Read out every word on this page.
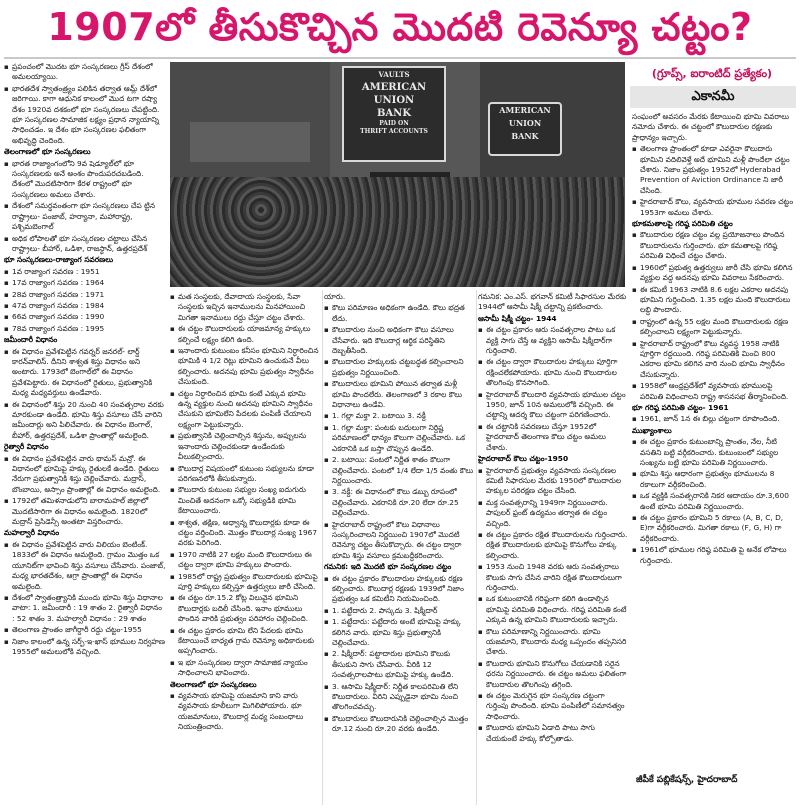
1907లో తీసుకొచ్చిన మొదటి రెవెన్యూ చట్టం?
VAULTS
AMERICAN
UNION
BANK
PAID ON
THRIFT ACCOUNTS
AMERICAN
UNION
BANK
(గ్రూప్స్, ఐరాంటిద్ ప్రత్యేకం)
ఎకానమీ

▪ ప్రపంచంలో మొదట భూ సంస్కరణలు గ్రీస్ దేశంలో అమలయ్యాయి.

▪ భారతదేశ స్వాతంత్ర్యం పలికిన తర్వాత ఆమ్ల్ దేశ్‌లో జరిగాయి. కాగా ఆధునిక కాలంలో మొద టగా రష్యా దేశం 1920వ దశకంలో భూ సంస్కరణలు చేపట్టింది. భూ సంస్కరణల సామాజిక లక్ష్యం ప్రధాన న్యాయాన్ని సాధించడం. ఇ దేశం భూ సంస్కరణల ఫలితంగా అభివృద్ధి చెందింది.

తెలంగాణలో భూ సంస్కరణలు

▪ భారత రాజ్యాంగంలోని 9వ షెడ్యూల్‌లో భూ సంస్కరణలకు అనే అంశం పొందుపరచబడింది. దేశంలో మొదటిసారిగా కేరళ రాష్ట్రంలో భూ సంస్కరణలు అమలు చేశారు.

▪ దేశంలో సమర్థవంతంగా భూ సంస్కరణలు చేప ట్టిన రాష్ట్రాలు- పంజాబ్, హర్యానా, మహారాష్ట్ర, పశ్చిమబెంగాల్

▪ అధిక లోపాలతో భూ సంస్కరణల చట్టాలు చేసిన రాష్ట్రాలు- బీహార్, ఒడిశా, రాజస్థాన్, ఉత్తరప్రదేశ్

భూ సంస్కరణలు-రాజ్యాంగ సవరణలు

▪ 1వ రాజ్యాంగ సవరణ : 1951

▪ 17వ రాజ్యాంగ సవరణ : 1964

▪ 28వ రాజ్యాంగ సవరణ : 1971

▪ 47వ రాజ్యాంగ సవరణ : 1984

▪ 66వ రాజ్యాంగ సవరణ : 1990

▪ 78వ రాజ్యాంగ సవరణ : 1995

జమీందారీ విధానం

▪ ఈ విధానం ప్రవేశపెట్టిన గవర్నర్ జనరల్- లార్డ్ కారన్‌వాలిస్. దీనిని శాశ్వత శిస్తు విధానం అని అంటారు. 1793లో బెంగాల్‌లో ఈ విధానం ప్రవేశపెట్టారు. ఈ విధానంలో రైతులు, ప్రభుత్వానికి మధ్య మధ్యవర్తులు ఉండేవారు.

▪ ఈ విధానంలో శిస్తు 20 నుంచి 40 సంవత్సరాల వరకు మారకుండా ఉండేది. భూమి శిస్తు వసూలు చేసే వారిని జమీందార్లు అని పిలిచేవారు. ఈ విధానం బెంగాల్, బీహార్, ఉత్తరప్రదేశ్, ఒడిశా ప్రాంతాల్లో అమలైంది.

రైత్వారీ విధానం

▪ ఈ విధానం ప్రవేశపెట్టిన వారు థామస్ మన్రో. ఈ విధానంలో భూమిపై హక్కు రైతులకే ఉండేది. రైతులు నేరుగా ప్రభుత్వానికి శిస్తు చెల్లించేవారు. మద్రాస్, బొంబాయి, అస్సాం ప్రాంతాల్లో ఈ విధానం అమలైంది.

▪ 1792లో తమిళనాడులోని బారామహల్ జిల్లాలో మొదటిసారిగా ఈ విధానం అమలైంది. 1820లో మద్రాస్ ప్రెసిడెన్సీ అంతటా విస్తరించారు.

మహల్వారీ విధానం

▪ ఈ విధానం ప్రవేశపెట్టిన వారు విలియం బెంటింక్. 1833లో ఈ విధానం అమలైంది. గ్రామం మొత్తం ఒక యూనిట్‌గా భావించి శిస్తు వసూలు చేసేవారు. పంజాబ్, మధ్య భారతదేశం, ఆగ్రా ప్రాంతాల్లో ఈ విధానం అమలైంది.

▪ దేశంలో స్వాతంత్ర్యానికి ముందు భూమి శిస్తు విధానాల వాటా: 1. జమీందారీ : 19 శాతం 2. రైత్వారీ విధానం : 52 శాతం 3. మహల్వారీ విధానం : 29 శాతం

▪ తెలంగాణ ప్రాంతం జాగీర్దారీ రద్దు చట్టం-1955

▪ నిజాం కాలంలో ఉన్న సర్ఫ్-ఇ-ఖాస్ భూముల నిర్వహణ 1955లో అమలులోకి వచ్చింది.

▪ మత సంస్థలకు, దేవాదాయ సంస్థలకు, సేవా సంస్థలకు ఇచ్చిన ఇనాములను మినహాయించి మిగతా ఇనాములు రద్దు చేస్తూ చట్టం చేశారు.

▪ ఈ చట్టం కౌలుదారులకు యాజమాన్య హక్కులు కల్పించే లక్ష్యం కలిగి ఉంది.

▪ ఇనాందారు కుటుంబం కనీసం భూమిని నిర్ధారించిన భూమికి 4 1/2 రెట్లు భూమిని ఉంచుకునే వీలు కల్పించారు. అదనపు భూమి ప్రభుత్వం స్వాధీనం చేసుకుంది.

▪ చట్టం నిర్ధారించిన భూమి కంటే ఎక్కువ భూమి ఉన్న వ్యక్తుల నుంచి అదనపు భూమిని స్వాధీనం చేసుకుని భూమిలేని పేదలకు పంపిణీ చేయాలని లక్ష్యంగా పెట్టుకున్నారు.

▪ ప్రభుత్వానికి చెల్లించాల్సిన శిస్తును, అప్పులను ఇనాందారు చెల్లించకుండా ఉండేందుకు వీలుకల్పించారు.

▪ కౌలుదార్ల విషయంలో కుటుంబ సభ్యులను కూడా పరిగణనలోకి తీసుకున్నారు.

▪ కౌలుదారు కుటుంబ సభ్యుల సంఖ్య ఐదుగురు మించితే అదనంగా ఒక్కో సభ్యుడికి భూమి కేటాయించారు.

▪ శాశ్వత, తక్షిణ, అధ్వాన్న కౌలుదార్లకు కూడా ఈ చట్టం వర్తించింది. మొత్తం కౌలుదార్ల సంఖ్య 1967 వరకు పెరిగింది.

▪ 1970 నాటికి 27 లక్షల మంది కౌలుదారులు ఈ చట్టం ద్వారా భూమి హక్కులు పొందారు.

▪ 1985లో రాష్ట్ర ప్రభుత్వం కౌలుదారులకు భూమిపై పూర్తి హక్కులు కల్పిస్తూ ఉత్తర్వులు జారీ చేసింది.

▪ ఈ చట్టం రూ.15.2 కోట్ల విలువైన భూమిని కౌలుదార్లకు బదిలీ చేసింది. ఇనాం భూములు పొందిన వారికి ప్రభుత్వం పరిహారం చెల్లించింది.

▪ ఈ చట్టం ప్రకారం భూమి లేని పేదలకు భూమి కేటాయించే బాధ్యత గ్రామ రెవెన్యూ అధికారులకు అప్పగించారు.

▪ ఇ భూ సంస్కరణల ద్వారా సామాజిక న్యాయం సాధించాలని భావించారు.

తెలంగాణలో భూ సంస్కరణలు

▪ వ్యవసాయ భూమిపై యజమాని కాని వారు వ్యవసాయ కూలీలుగా మిగిలిపోయారు. భూ యజమానులు, కౌలుదార్ల మధ్య సంబంధాలు నియంత్రించారు.

యారు.

▪ కౌలు పరిమాణం అధికంగా ఉండేది. కౌలు భద్రత లేదు.

▪ కౌలుదారుల నుంచి అధికంగా కౌలు వసూలు చేసేవారు. ఇది కౌలుదార్ల ఆర్థిక పరిస్థితిని దెబ్బతీసింది.

▪ కౌలుదారుల హక్కులకు చట్టబద్ధత కల్పించాలని ప్రభుత్వం నిర్ణయించింది.

▪ కౌలుదారులు భూమిని పోయిన తర్వాత మళ్లీ భూమి పొందలేరు. తెలంగాణలో 3 రకాల కౌలు విధానాలు ఉండేవి.

▪ 1. గల్లా మక్తా 2. బటాయి 3. నక్దీ

▪ 1. గల్లా మక్తా: పంటకు బదులుగా నిర్దిష్ట పరిమాణంలో ధాన్యం కౌలుగా చెల్లించేవారు. ఒక ఎకరానికి ఒక బస్తా చొప్పున ఉండేది.

▪ 2. బటాయి: పంటలో నిర్ణీత శాతం కౌలుగా చెల్లించేవారు. పంటలో 1/4 లేదా 1/5 వంతు కౌలు నిర్ణయించారు.

▪ 3. నక్దీ: ఈ విధానంలో కౌలు డబ్బు రూపంలో చెల్లించేవారు. ఎకరానికి రూ.20 లేదా రూ.25 చెల్లించేవారు.

▪ హైదరాబాద్ రాష్ట్రంలో కౌలు విధానాలు సంస్కరించాలని నిర్ణయించి 1907లో మొదటి రెవెన్యూ చట్టం తీసుకొచ్చారు. ఈ చట్టం ద్వారా భూమి శిస్తు వసూలు క్రమబద్ధీకరించారు.

గమనిక: ఇది మొదటి భూ సంస్కరణల చట్టం

▪ ఈ చట్టం ప్రకారం కౌలుదారుల హక్కులకు రక్షణ కల్పించారు. కౌలుదార్ల రక్షణకు 1939లో నిజాం ప్రభుత్వం ఒక కమిటీని నియమించింది.

▪ 1. పట్టేదారు 2. పాస్కదు 3. షిక్మీదార్

▪ 1. పట్టేదారు: పట్టేదారు అంటే భూమిపై హక్కు కలిగిన వారు. భూమి శిస్తు ప్రభుత్వానికి చెల్లించేవారు.

▪ 2. షిక్మీదార్: పట్టాదారుల భూమిని కౌలుకు తీసుకుని సాగు చేసేవారు. వీరికి 12 సంవత్సరాలపాటు భూమిపై హక్కు ఉండేది.

▪ 3. ఆసామి షిక్మీదార్: నిర్ణీత కాలపరిమితి లేని కౌలుదారులు. వీరిని ఎప్పుడైనా భూమి నుంచి తొలగించవచ్చు.

▪ కౌలుదారులు కౌలుదారునికి చెల్లించాల్సిన మొత్తం రూ.12 నుంచి రూ.20 వరకు ఉండేది.

గమనిక: ఎం.ఎస్. భగవాన్ కమిటీ సిఫారసుల మేరకు 1944లో ఆసామీ షిక్మీ చట్టాన్ని ప్రకటించారు.

ఆసామీ షిక్మీ చట్టం- 1944

▪ ఈ చట్టం ప్రకారం ఆరు సంవత్సరాల పాటు ఒక వ్యక్తి సాగు చేస్తే ఆ వ్యక్తిని ఆసామీ షిక్మీదార్‌గా గుర్తించాలి.

▪ ఈ చట్టం ద్వారా కౌలుదారుల హక్కులు పూర్తిగా రక్షించలేకపోయారు. భూమి నుంచి కౌలుదారుల తొలగింపు కొనసాగింది.

▪ హైదరాబాద్ కౌలుదారి వ్యవసాయ భూముల చట్టం 1950, జూన్ 10న అమలులోకి వచ్చింది. ఈ చట్టాన్ని ఆదర్శ కౌలు చట్టంగా పరిగణించారు.

▪ ఈ చట్టానికి సవరణలు చేస్తూ 1952లో హైదరాబాద్ తెలంగాణ కౌలు చట్టం అమలు చేశారు.

హైదరాబాద్ కౌలు చట్టం-1950

▪ హైదరాబాద్ ప్రభుత్వం వ్యవసాయ సంస్కరణల కమిటీ సిఫారసుల మేరకు 1950లో కౌలుదారుల హక్కుల పరిరక్షణ చట్టం చేసింది.

▪ మక్త సంవత్సరాన్ని 1949గా నిర్ణయించారు. పాపులర్ ఫ్రంట్ ఉద్యమం తర్వాత ఈ చట్టం వచ్చింది.

▪ ఈ చట్టం ప్రకారం రక్షిత కౌలుదారులను గుర్తించారు. రక్షిత కౌలుదారులకు భూమిపై కొనుగోలు హక్కు కల్పించారు.

▪ 1953 నుంచి 1948 వరకు ఆరు సంవత్సరాలు కౌలుకు సాగు చేసిన వారిని రక్షిత కౌలుదారులుగా గుర్తించారు.

▪ ఒక కుటుంబానికి గరిష్ఠంగా కలిగి ఉండాల్సిన భూమిపై పరిమితి విధించారు. గరిష్ఠ పరిమితి కంటే ఎక్కువ ఉన్న భూమిని కౌలుదారులకు ఇచ్చారు.

▪ కౌలు పరిమాణాన్ని నిర్ణయించారు. భూమి యజమాని, కౌలుదారు మధ్య ఒప్పందం తప్పనిసరి చేశారు.

▪ కౌలుదారు భూమిని కొనుగోలు చేయడానికి సరైన ధరను నిర్ణయించారు. ఈ చట్టం అమలు ఫలితంగా కౌలుదారుల తొలగింపు తగ్గింది.

▪ ఈ చట్టం మెరుగైన భూ సంస్కరణ చట్టంగా గుర్తింపు పొందింది. భూమి పంపిణీలో సమానత్వం సాధించారు.

▪ కౌలుదారు భూమిని ఏడాది పాటు సాగు చేయకుంటే హక్కు కోల్పోతాడు.

సంఘంలో అవసరం మేరకు కేటాయించి భూమి వివరాలు నమోదు చేశారు. ఈ చట్టంలో కౌలుదారుల రక్షణకు ప్రాధాన్యం ఇచ్చారు.

▪ తెలంగాణ ప్రాంతంలో కూడా ఎవరైనా కౌలుదారు భూమిని వదిలివెళ్తే అదే భూమిని మళ్లీ పొందేలా చట్టం చేశారు. నిజాం ప్రభుత్వం 1952లో Hyderabad Prevention of Aviction Ordinance ని జారీ చేసింది.

▪ హైదరాబాద్ కౌలు, వ్యవసాయ భూముల సవరణ చట్టం 1953గా అమలు చేశారు.

భూకమతాలపై గరిష్ఠ పరిమితి చట్టం

▪ కౌలుదారుల రక్షణ చట్టం వల్ల ప్రయోజనాలు పొందిన కౌలుదారులను గుర్తించారు. భూ కమతాలపై గరిష్ఠ పరిమితి విధించే చట్టం చేశారు.

▪ 1960లో ప్రభుత్వ ఉత్తర్వులు జారీ చేసి భూమి కలిగిన వ్యక్తుల వద్ద అదనపు భూమి వివరాలు సేకరించారు.

▪ ఈ కమిటీ 1963 నాటికి 8.6 లక్షల ఎకరాల అదనపు భూమిని గుర్తించింది. 1.35 లక్షల మంది కౌలుదారులు లబ్ధి పొందారు.

▪ రాష్ట్రంలో ఉన్న 55 లక్షల మంది కౌలుదారులకు రక్షణ కల్పించాలని లక్ష్యంగా పెట్టుకున్నారు.

▪ హైదరాబాద్ రాష్ట్రంలో కౌలు వ్యవస్థ 1958 నాటికి పూర్తిగా రద్దయింది. గరిష్ఠ పరిమితికి మించి 800 ఎకరాల భూమి కలిగిన వారి నుంచి భూమి స్వాధీనం చేసుకున్నారు.

▪ 1958లో ఆంధ్రప్రదేశ్‌లో వ్యవసాయ భూములపై పరిమితి విధించాలని రాష్ట్ర శాసనసభ తీర్మానించింది.

భూ గరిష్ఠ పరిమితి చట్టం- 1961

▪ 1961, జూన్ 1న ఈ బిల్లు చట్టంగా రూపొందింది.

ముఖ్యాంశాలు

▪ ఈ చట్టం ప్రకారం కుటుంబాన్ని ప్రాంతం, నేల, నీటి వసతిని బట్టి వర్గీకరించారు. కుటుంబంలో సభ్యుల సంఖ్యను బట్టి భూమి పరిమితి నిర్ణయించారు.

▪ భూమి శిస్తు ఆధారంగా ప్రభుత్వం భూములను 8 రకాలుగా వర్గీకరించింది.

▪ ఒక వ్యక్తికి సంవత్సరానికి నికర ఆదాయం రూ.3,600 ఉంటే భూమి పరిమితి నిర్ణయించారు.

▪ ఈ చట్టం ప్రకారం భూమిని 5 రకాలు (A, B, C, D, E)గా వర్గీకరించారు. మిగతా రకాలు (F, G, H) గా వర్గీకరించారు.

▪ 1961లో భూముల గరిష్ఠ పరిమితి పై అనేక లోపాలు గుర్తించారు.

జీపీకే పబ్లికేషన్స్, హైదరాబాద్
